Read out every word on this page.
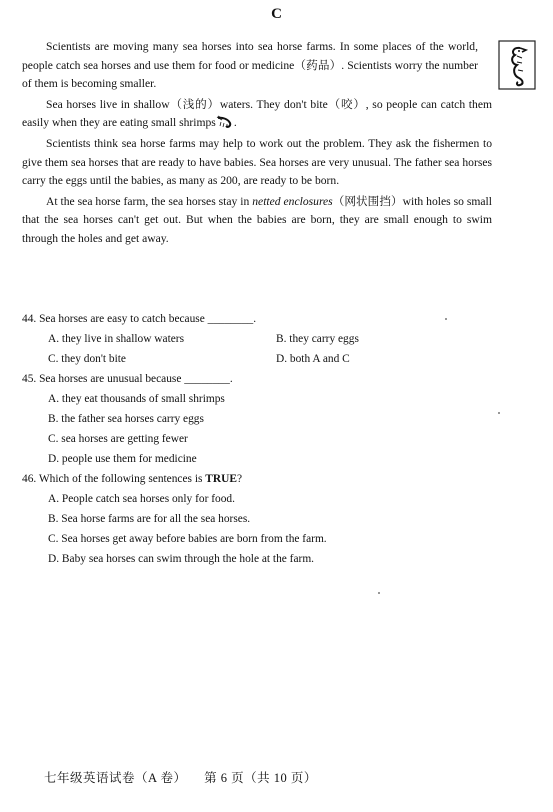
C

Scientists are moving many sea horses into sea horse farms. In some places of the world, people catch sea horses and use them for food or medicine（药品）. Scientists worry the number of them is becoming smaller.

Sea horses live in shallow（浅的）waters. They don't bite（咬）, so people can catch them easily when they are eating small shrimps .

Scientists think sea horse farms may help to work out the problem. They ask the fishermen to give them sea horses that are ready to have babies. Sea horses are very unusual. The father sea horses carry the eggs until the babies, as many as 200, are ready to be born.

At the sea horse farm, the sea horses stay in netted enclosures（网状围挡）with holes so small that the sea horses can't get out. But when the babies are born, they are small enough to swim through the holes and get away.

44. Sea horses are easy to catch because ________.
A. they live in shallow waters	B. they carry eggs
C. they don't bite	D. both A and C
45. Sea horses are unusual because ________.
A. they eat thousands of small shrimps
B. the father sea horses carry eggs
C. sea horses are getting fewer
D. people use them for medicine
46. Which of the following sentences is TRUE?
A. People catch sea horses only for food.
B. Sea horse farms are for all the sea horses.
C. Sea horses get away before babies are born from the farm.
D. Baby sea horses can swim through the hole at the farm.
七年级英语试卷（A 卷） 第 6 页（共 10 页）
